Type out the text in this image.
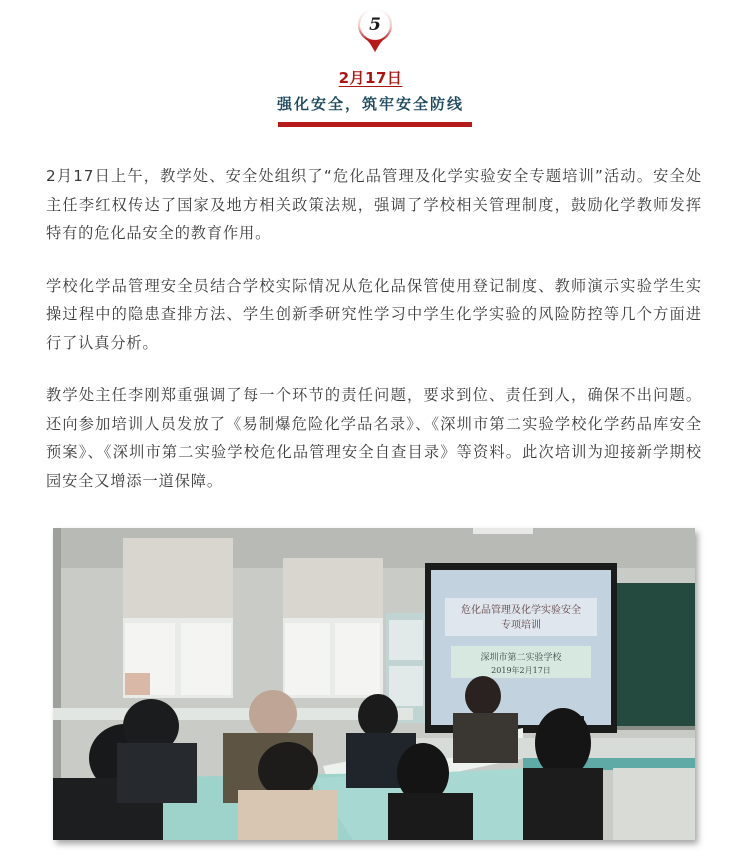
5
2月17日
强化安全，筑牢安全防线

2月17日上午，教学处、安全处组织了“危化品管理及化学实验安全专题培训”活动。安全处主任李红权传达了国家及地方相关政策法规，强调了学校相关管理制度，鼓励化学教师发挥特有的危化品安全的教育作用。

学校化学品管理安全员结合学校实际情况从危化品保管使用登记制度、教师演示实验学生实操过程中的隐患查排方法、学生创新季研究性学习中学生化学实验的风险防控等几个方面进行了认真分析。

教学处主任李刚郑重强调了每一个环节的责任问题，要求到位、责任到人，确保不出问题。还向参加培训人员发放了《易制爆危险化学品名录》、《深圳市第二实验学校化学药品库安全预案》、《深圳市第二实验学校危化品管理安全自查目录》等资料。此次培训为迎接新学期校园安全又增添一道保障。

危化品管理及化学实验安全
专项培训
深圳市第二实验学校
2019年2月17日
